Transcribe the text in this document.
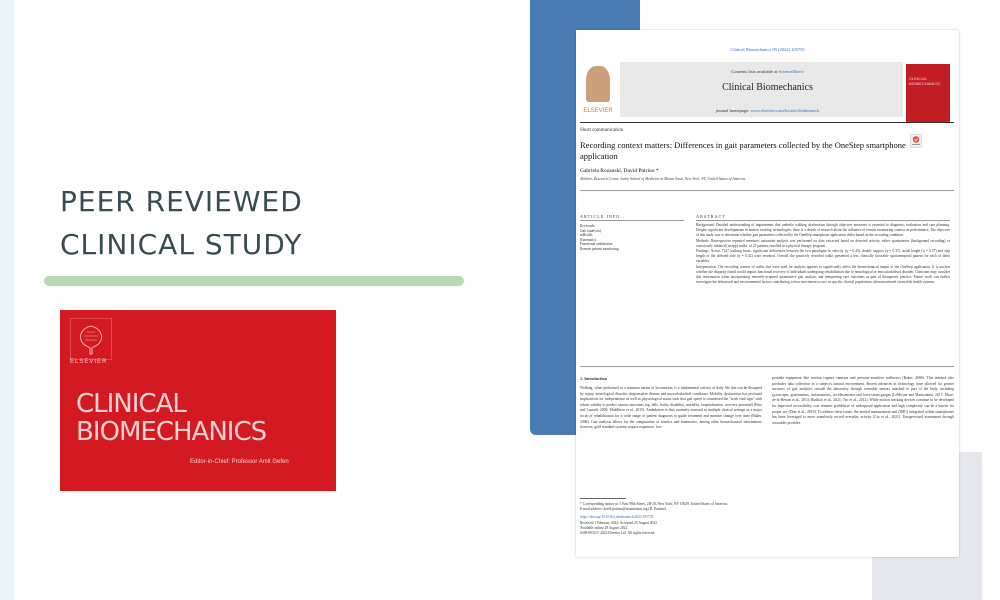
PEER REVIEWED
CLINICAL STUDY
ELSEVIER
CLINICAL
BIOMECHANICS
Editor-in-Chief: Professor Amit Gefen
Clinical Biomechanics 99 (2022) 105755
Contents lists available at ScienceDirect
Clinical Biomechanics
journal homepage: www.elsevier.com/locate/clinbiomech
ELSEVIER
CLINICAL BIOMECHANICS
Short communication
Recording context matters: Differences in gait parameters collected by the OneStep smartphone application
Gabriela Rozanski, David Putrino *
Abilities Research Center, Icahn School of Medicine at Mount Sinai, New York, NY, United States of America
ARTICLE INFO	ABSTRACT
Keywords:
Gait (analysis)
mHealth
Kinematics
Functional ambulation
Remote patient monitoring

Background: Detailed understanding of impairments that underlie walking dysfunction through objective measures is essential to diagnosis, evaluation and care planning. Despite significant developments in motion tracking technologies, there is a dearth of research about the influence of remote monitoring context on performance. The objective of this study was to determine whether gait parameters collected by the OneStep smartphone application differ based on the recording condition.

Methods: Retrospective repeated measures univariate analysis was performed on data extracted based on detected activity, either spontaneous (background recording) or consciously initiated (in app) walks, of 25 patients enrolled in a physical therapy program.

Findings: Across 7227 walking bouts, significant differences between the two paradigms in velocity (η = 0.43), double support (η = 0.37), stride length (η = 0.37) and step length of the affected side (η = 0.32) were revealed. Overall, the passively recorded walks presented a less clinically favorable spatiotemporal pattern for each of these variables.

Interpretation: The recording context of walks that were used for analysis appears to significantly affect the biomechanical output of the OneStep application. It is unclear whether the disparity found would impact functional recovery of individuals undergoing rehabilitation due to neurological or musculoskeletal disorder. Clinicians may consider this information when incorporating remotely-acquired quantitative gait analysis and interpreting care outcomes as part of therapeutic practice. Future work can further investigate the behavioral and environmental factors contributing to how movement occurs in specific clinical populations when monitored via mobile health systems.

1. Introduction
Walking, when performed as a common means of locomotion, is a fundamental activity of daily life that can be disrupted by injury, neurological disorder, degenerative disease and musculoskeletal conditions. Mobility dysfunction has profound implications for independence as well as physiological status such that gait speed is considered the "sixth vital sign" with robust validity to predict various outcomes (eg. falls, frailty, disability, mortality, hospitalization, recovery potential) (Fritz and Lusardi, 2009; Middleton et al., 2015). Ambulation is thus routinely assessed in multiple clinical settings as a major focus of rehabilitation for a wide range of patient diagnoses to guide treatment and monitor change over time (Baker, 2006). Gait analysis allows for the computation of kinetics and kinematics, among other biomechanical information; however, gold standard systems require expensive, low-
portable equipment like motion capture cameras and pressure-sensitive walkways (Baker, 2006). This method also precludes data collection in a subject's natural environment. Recent advances in technology have allowed for greater accuracy of gait analytics outside the laboratory through wearable sensors attached to part of the body, including gyroscopes, goniometers, inclinometers, accelerometers and force/strain gauges (LeMoyne and Mastroianni, 2017; Muro-de-la-Herran et al., 2014; Rudisch et al., 2021; Tao et al., 2012). While motion tracking devices continue to be developed for improved accessibility, cost remains prohibitive of widespread application and high complexity can be a barrier for proper use (Diaz et al., 2019). To address these issues, the inertial measurement unit (IMU) integrated within smartphones has been leveraged to more seamlessly record everyday activity (Liu et al., 2021). Unsupervised assessment through wearables provides
* Corresponding author at: 5 East 98th Street, 2B-18, New York, NY 10029, United States of America.
E-mail address: david.putrino@mountsinai.org (D. Putrino).
https://doi.org/10.1016/j.clinbiomech.2022.105755
Received 1 February 2022; Accepted 25 August 2022
Available online 29 August 2022
0268-0033/© 2022 Elsevier Ltd. All rights reserved.
